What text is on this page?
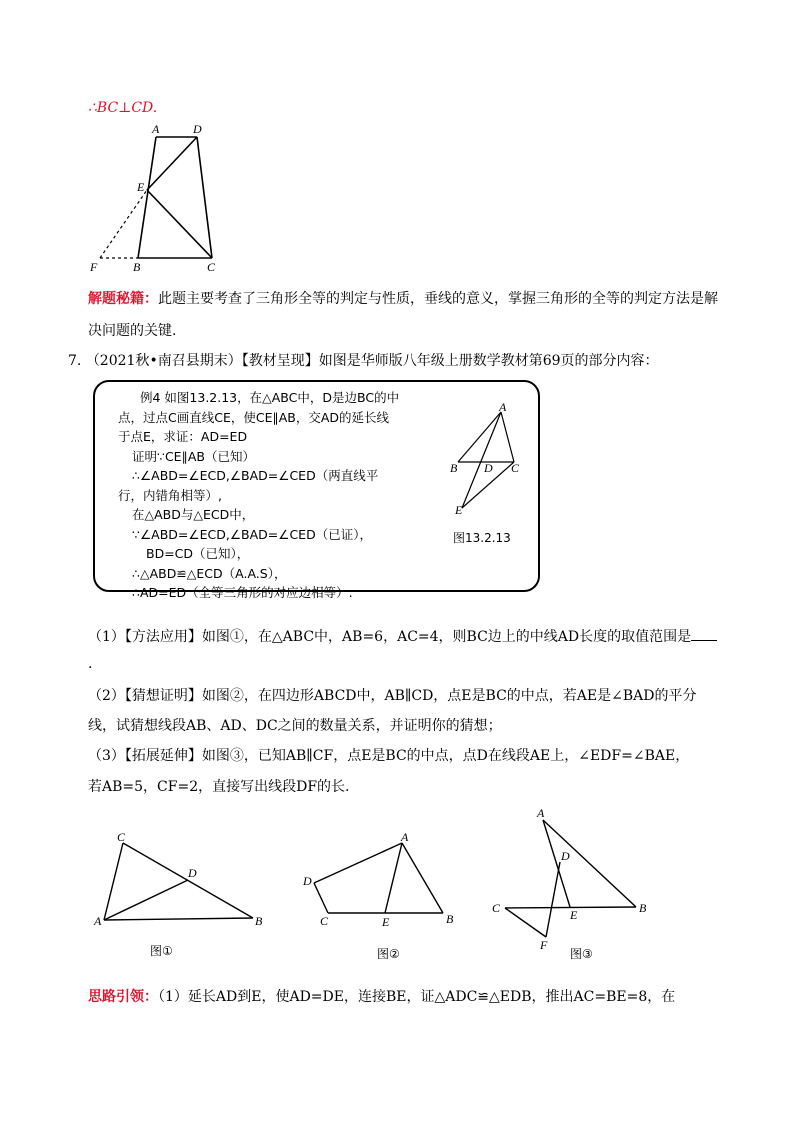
∴BC⊥CD.
A	D
E
F	B	C
解题秘籍：此题主要考查了三角形全等的判定与性质，垂线的意义，掌握三角形的全等的判定方法是解
决问题的关键.
7. （2021秋•南召县期末）【教材呈现】如图是华师版八年级上册数学教材第69页的部分内容：
例4 如图13.2.13，在△ABC中，D是边BC的中
点，过点C画直线CE，使CE∥AB，交AD的延长线
于点E，求证：AD=ED
证明∵CE∥AB（已知）
∴∠ABD=∠ECD,∠BAD=∠CED（两直线平
行，内错角相等）,
在△ABD与△ECD中，
∵∠ABD=∠ECD,∠BAD=∠CED（已证），
BD=CD（已知），
∴△ABD≌△ECD（A.A.S），
∴AD=ED（全等三角形的对应边相等）.
A
B D C
E
图13.2.13
（1）【方法应用】如图①，在△ABC中，AB=6，AC=4，则BC边上的中线AD长度的取值范围是
.
（2）【猜想证明】如图②，在四边形ABCD中，AB∥CD，点E是BC的中点，若AE是∠BAD的平分
线，试猜想线段AB、AD、DC之间的数量关系，并证明你的猜想；
（3）【拓展延伸】如图③，已知AB∥CF，点E是BC的中点，点D在线段AE上，∠EDF=∠BAE，
若AB=5，CF=2，直接写出线段DF的长.
C
D
A	B
图①
A
D
C	E	B
图②
A
D
C	E	B
F
图③
思路引领：（1）延长AD到E，使AD=DE，连接BE，证△ADC≌△EDB，推出AC=BE=8，在
